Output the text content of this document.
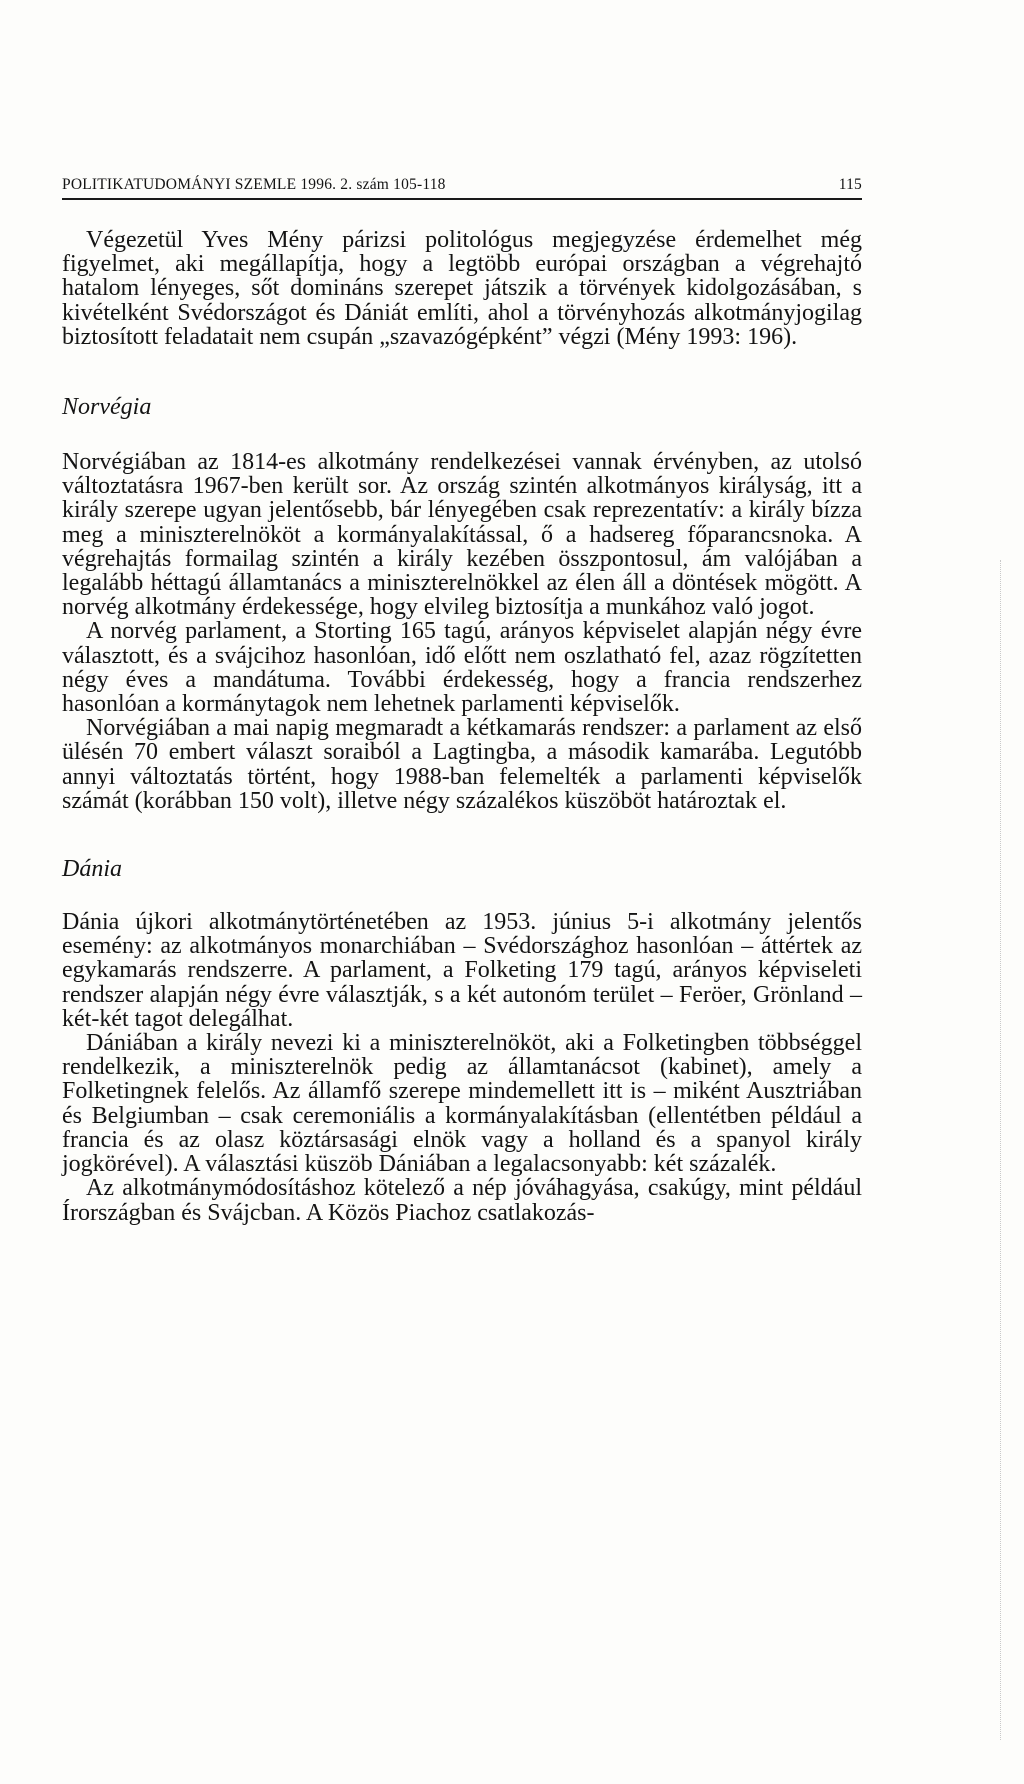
POLITIKATUDOMÁNYI SZEMLE 1996. 2. szám 105-118	115

Végezetül Yves Mény párizsi politológus megjegyzése érdemelhet még figyelmet, aki megállapítja, hogy a legtöbb európai országban a végrehajtó hatalom lényeges, sőt domináns szerepet játszik a törvények kidolgozásában, s kivételként Svédországot és Dániát említi, ahol a törvényhozás alkotmányjogilag biztosított feladatait nem csupán „szavazógépként” végzi (Mény 1993: 196).

Norvégia

Norvégiában az 1814-es alkotmány rendelkezései vannak érvényben, az utolsó változtatásra 1967-ben került sor. Az ország szintén alkotmányos királyság, itt a király szerepe ugyan jelentősebb, bár lényegében csak reprezentatív: a király bízza meg a miniszterelnököt a kormányalakítással, ő a hadsereg főparancsnoka. A végrehajtás formailag szintén a király kezében összpontosul, ám valójában a legalább héttagú államtanács a miniszterelnökkel az élen áll a döntések mögött. A norvég alkotmány érdekessége, hogy elvileg biztosítja a munkához való jogot.

A norvég parlament, a Storting 165 tagú, arányos képviselet alapján négy évre választott, és a svájcihoz hasonlóan, idő előtt nem oszlatható fel, azaz rögzítetten négy éves a mandátuma. További érdekesség, hogy a francia rendszerhez hasonlóan a kormánytagok nem lehetnek parlamenti képviselők.

Norvégiában a mai napig megmaradt a kétkamarás rendszer: a parlament az első ülésén 70 embert választ soraiból a Lagtingba, a második kamarába. Legutóbb annyi változtatás történt, hogy 1988-ban felemelték a parlamenti képviselők számát (korábban 150 volt), illetve négy százalékos küszöböt határoztak el.

Dánia

Dánia újkori alkotmánytörténetében az 1953. június 5-i alkotmány jelentős esemény: az alkotmányos monarchiában – Svédországhoz hasonlóan – áttértek az egykamarás rendszerre. A parlament, a Folketing 179 tagú, arányos képviseleti rendszer alapján négy évre választják, s a két autonóm terület – Feröer, Grönland – két-két tagot delegálhat.

Dániában a király nevezi ki a miniszterelnököt, aki a Folketingben többséggel rendelkezik, a miniszterelnök pedig az államtanácsot (kabinet), amely a Folketingnek felelős. Az államfő szerepe mindemellett itt is – miként Ausztriában és Belgiumban – csak ceremoniális a kormányalakításban (ellentétben például a francia és az olasz köztársasági elnök vagy a holland és a spanyol király jogkörével). A választási küszöb Dániában a legalacsonyabb: két százalék.

Az alkotmánymódosításhoz kötelező a nép jóváhagyása, csakúgy, mint például Írországban és Svájcban. A Közös Piachoz csatlakozás-
